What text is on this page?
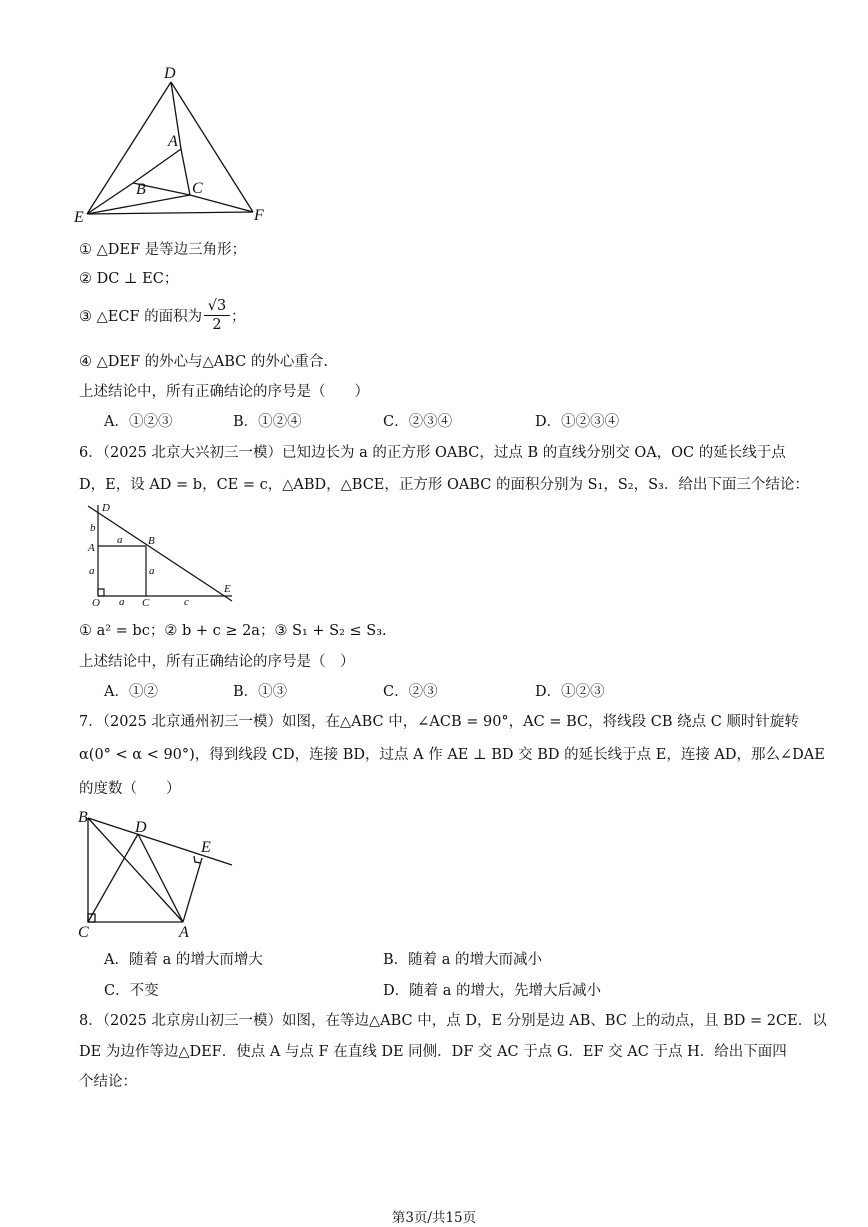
D
A
B	C
E	F
① △DEF 是等边三角形；
② DC ⊥ EC；
③ △ECF 的面积为 $\frac{√3}{2}$ ；
④ △DEF 的外心与△ABC 的外心重合.
上述结论中，所有正确结论的序号是（　　）
A．①②③	B．①②④	C．②③④	D．①②③④
6．（2025 北京大兴初三一模）已知边长为 a 的正方形 OABC，过点 B 的直线分别交 OA，OC 的延长线于点
D，E，设 AD = b，CE = c，△ABD，△BCE，正方形 OABC 的面积分别为 S₁，S₂，S₃．给出下面三个结论：
D
b
A
a B
a	a
O a C	c
E
① a² = bc；② b + c ≥ 2a；③ S₁ + S₂ ≤ S₃.
上述结论中，所有正确结论的序号是（　）
A．①②	B．①③	C．②③	D．①②③
7．（2025 北京通州初三一模）如图，在△ABC 中，∠ACB = 90°，AC = BC，将线段 CB 绕点 C 顺时针旋转
α(0° < α < 90°)，得到线段 CD，连接 BD，过点 A 作 AE ⊥ BD 交 BD 的延长线于点 E，连接 AD，那么∠DAE
的度数（　　）
B
D
E
C	A
A．随着 a 的增大而增大	B．随着 a 的增大而减小
C．不变	D．随着 a 的增大，先增大后减小
8．（2025 北京房山初三一模）如图，在等边△ABC 中，点 D，E 分别是边 AB、BC 上的动点，且 BD = 2CE．以
DE 为边作等边△DEF．使点 A 与点 F 在直线 DE 同侧．DF 交 AC 于点 G．EF 交 AC 于点 H．给出下面四
个结论：
第3页/共15页
